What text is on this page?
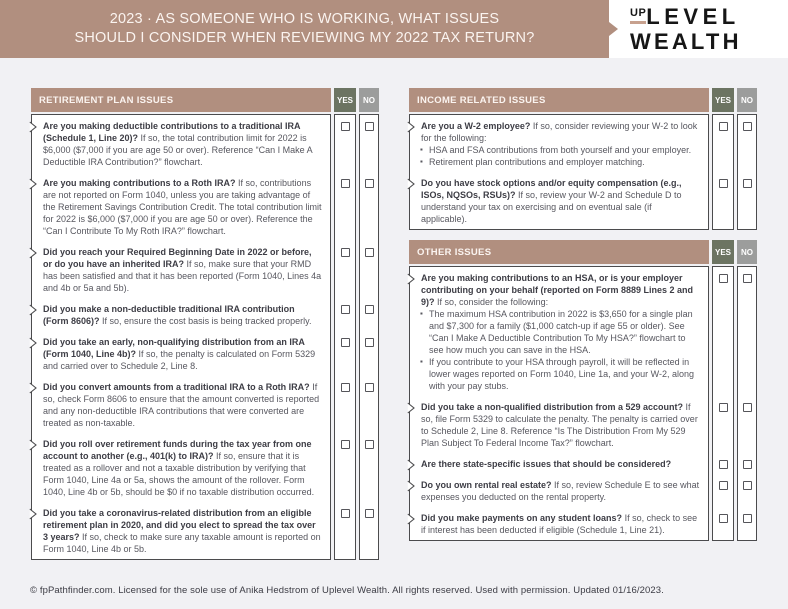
2023 · AS SOMEONE WHO IS WORKING, WHAT ISSUES
SHOULD I CONSIDER WHEN REVIEWING MY 2022 TAX RETURN?
UP LEVEL
WEALTH
RETIREMENT PLAN ISSUES	YES	NO

Are you making deductible contributions to a traditional IRA (Schedule 1, Line 20)? If so, the total contribution limit for 2022 is $6,000 ($7,000 if you are age 50 or over). Reference “Can I Make A Deductible IRA Contribution?” flowchart.

Are you making contributions to a Roth IRA? If so, contributions are not reported on Form 1040, unless you are taking advantage of the Retirement Savings Contribution Credit. The total contribution limit for 2022 is $6,000 ($7,000 if you are age 50 or over). Reference the “Can I Contribute To My Roth IRA?” flowchart.

Did you reach your Required Beginning Date in 2022 or before, or do you have an inherited IRA? If so, make sure that your RMD has been satisfied and that it has been reported (Form 1040, Lines 4a and 4b or 5a and 5b).

Did you make a non-deductible traditional IRA contribution (Form 8606)? If so, ensure the cost basis is being tracked properly.

Did you take an early, non-qualifying distribution from an IRA (Form 1040, Line 4b)? If so, the penalty is calculated on Form 5329 and carried over to Schedule 2, Line 8.

Did you convert amounts from a traditional IRA to a Roth IRA? If so, check Form 8606 to ensure that the amount converted is reported and any non-deductible IRA contributions that were converted are treated as non-taxable.

Did you roll over retirement funds during the tax year from one account to another (e.g., 401(k) to IRA)? If so, ensure that it is treated as a rollover and not a taxable distribution by verifying that Form 1040, Line 4a or 5a, shows the amount of the rollover. Form 1040, Line 4b or 5b, should be $0 if no taxable distribution occurred.

Did you take a coronavirus-related distribution from an eligible retirement plan in 2020, and did you elect to spread the tax over 3 years? If so, check to make sure any taxable amount is reported on Form 1040, Line 4b or 5b.

INCOME RELATED ISSUES	YES	NO

Are you a W-2 employee? If so, consider reviewing your W-2 to look for the following:

▪ HSA and FSA contributions from both yourself and your employer.
▪ Retirement plan contributions and employer matching.

Do you have stock options and/or equity compensation (e.g., ISOs, NQSOs, RSUs)? If so, review your W-2 and Schedule D to understand your tax on exercising and on eventual sale (if applicable).

OTHER ISSUES	YES	NO

Are you making contributions to an HSA, or is your employer contributing on your behalf (reported on Form 8889 Lines 2 and 9)? If so, consider the following:

▪ The maximum HSA contribution in 2022 is $3,650 for a single plan and $7,300 for a family ($1,000 catch-up if age 55 or older). See “Can I Make A Deductible Contribution To My HSA?” flowchart to see how much you can save in the HSA.
▪ If you contribute to your HSA through payroll, it will be reflected in lower wages reported on Form 1040, Line 1a, and your W-2, along with your pay stubs.

Did you take a non-qualified distribution from a 529 account? If so, file Form 5329 to calculate the penalty. The penalty is carried over to Schedule 2, Line 8. Reference “Is The Distribution From My 529 Plan Subject To Federal Income Tax?” flowchart.

Are there state-specific issues that should be considered?

Do you own rental real estate? If so, review Schedule E to see what expenses you deducted on the rental property.

Did you make payments on any student loans? If so, check to see if interest has been deducted if eligible (Schedule 1, Line 21).

© fpPathfinder.com. Licensed for the sole use of Anika Hedstrom of Uplevel Wealth. All rights reserved. Used with permission. Updated 01/16/2023.
